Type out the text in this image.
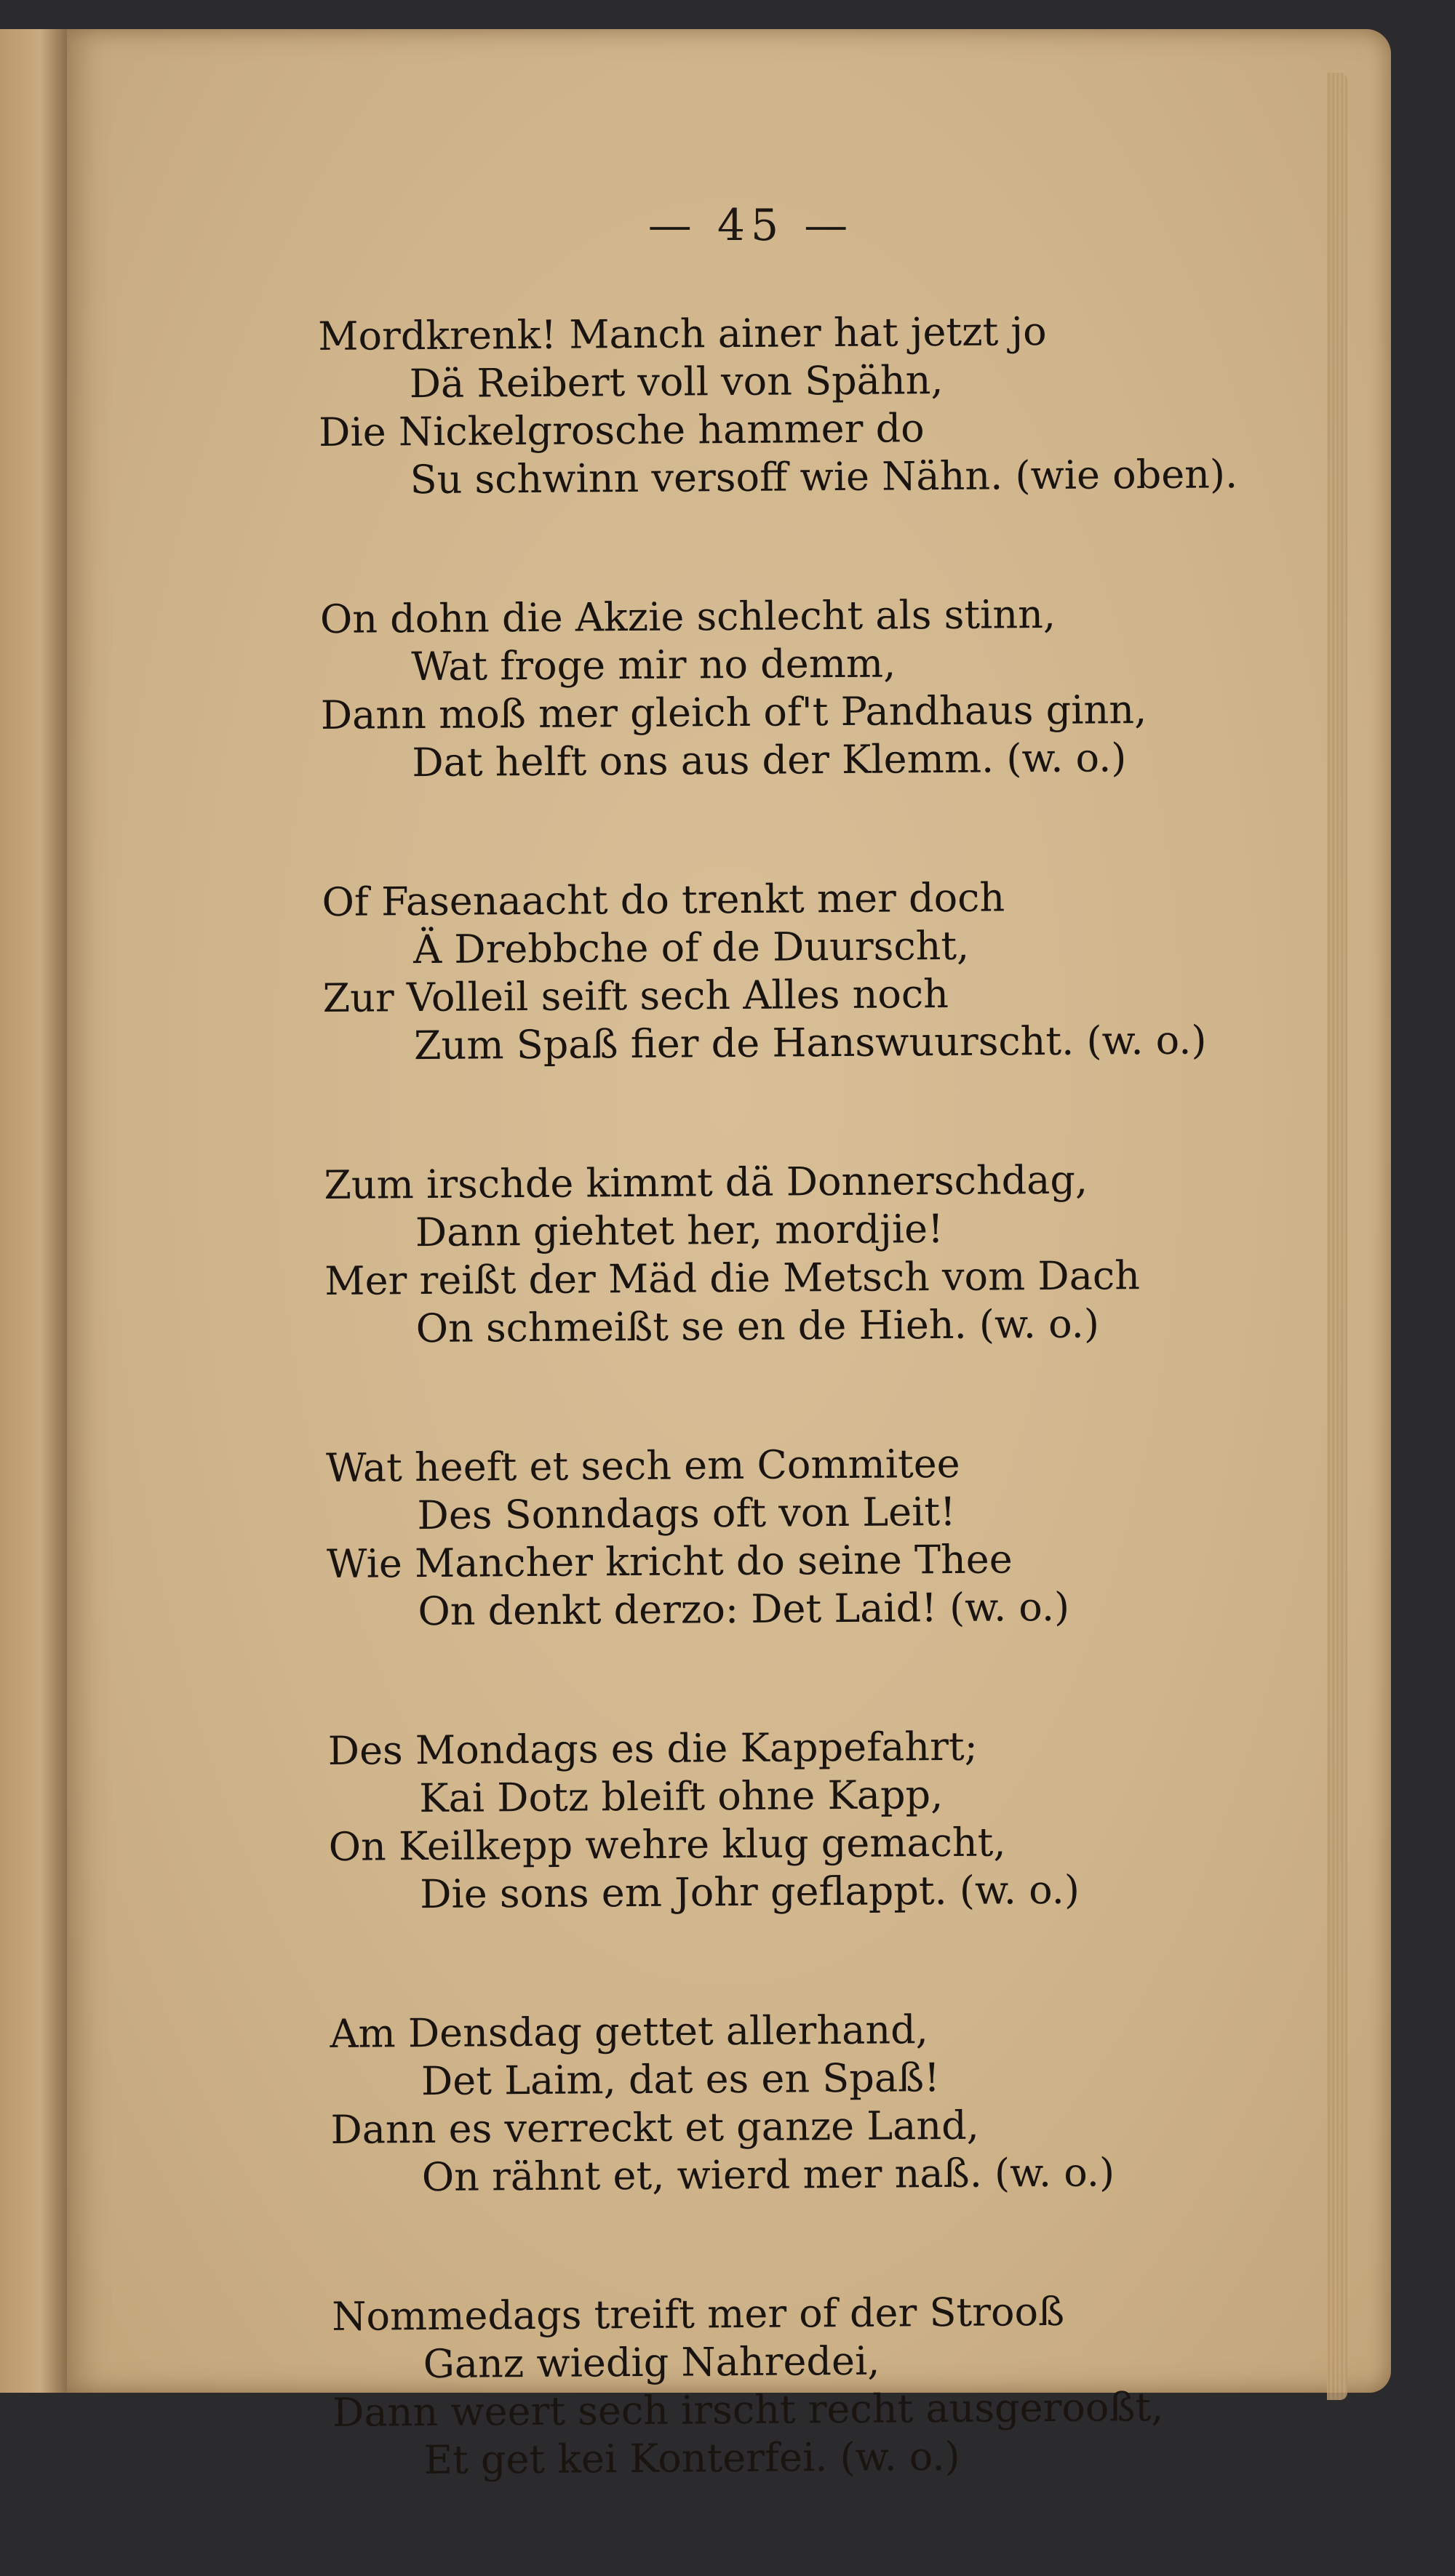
— 45 —
Mordkrenk! Manch ainer hat jetzt jo
Dä Reibert voll von Spähn,
Die Nickelgrosche hammer do
Su schwinn versoff wie Nähn. (wie oben).
On dohn die Akzie schlecht als stinn,
Wat froge mir no demm,
Dann moß mer gleich of't Pandhaus ginn,
Dat helft ons aus der Klemm. (w. o.)
Of Fasenaacht do trenkt mer doch
Ä Drebbche of de Duurscht,
Zur Volleil seift sech Alles noch
Zum Spaß fier de Hanswuurscht. (w. o.)
Zum irschde kimmt dä Donnerschdag,
Dann giehtet her, mordjie!
Mer reißt der Mäd die Metsch vom Dach
On schmeißt se en de Hieh. (w. o.)
Wat heeft et sech em Commitee
Des Sonndags oft von Leit!
Wie Mancher kricht do seine Thee
On denkt derzo: Det Laid! (w. o.)
Des Mondags es die Kappefahrt;
Kai Dotz bleift ohne Kapp,
On Keilkepp wehre klug gemacht,
Die sons em Johr geflappt. (w. o.)
Am Densdag gettet allerhand,
Det Laim, dat es en Spaß!
Dann es verreckt et ganze Land,
On rähnt et, wierd mer naß. (w. o.)
Nommedags treift mer of der Strooß
Ganz wiedig Nahredei,
Dann weert sech irscht recht ausgerooßt,
Et get kei Konterfei. (w. o.)
